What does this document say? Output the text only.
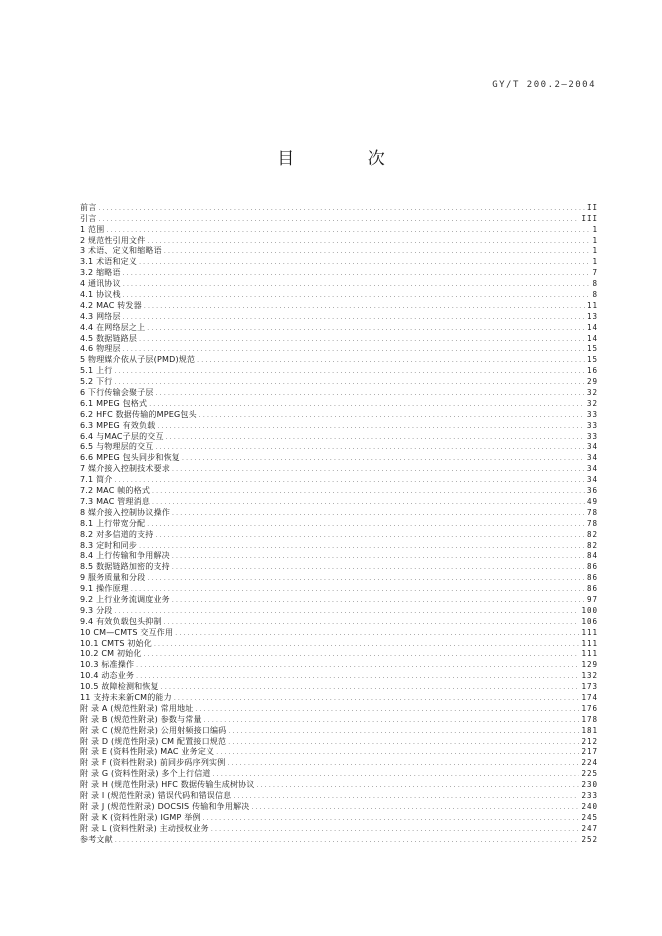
GY/T 200.2—2004
目 次
前言 .....	II
引言 .....	III
1 范围 .....	1
2 规范性引用文件 .....	1
3 术语、定义和缩略语 .....	1
3.1 术语和定义 .....	1
3.2 缩略语 .....	7
4 通讯协议 .....	8
4.1 协议栈 .....	8
4.2 MAC 转发器 .....	11
4.3 网络层 .....	13
4.4 在网络层之上 .....	14
4.5 数据链路层 .....	14
4.6 物理层 .....	15
5 物理媒介依从子层(PMD)规范 .....	15
5.1 上行 .....	16
5.2 下行 .....	29
6 下行传输会聚子层 .....	32
6.1 MPEG 包格式 .....	32
6.2 HFC 数据传输的MPEG包头 .....	33
6.3 MPEG 有效负载 .....	33
6.4 与MAC子层的交互 .....	33
6.5 与物理层的交互 .....	34
6.6 MPEG 包头同步和恢复 .....	34
7 媒介接入控制技术要求 .....	34
7.1 简介 .....	34
7.2 MAC 帧的格式 .....	36
7.3 MAC 管理消息 .....	49
8 媒介接入控制协议操作 .....	78
8.1 上行带宽分配 .....	78
8.2 对多信道的支持 .....	82
8.3 定时和同步 .....	82
8.4 上行传输和争用解决 .....	84
8.5 数据链路加密的支持 .....	86
9 服务质量和分段 .....	86
9.1 操作原理 .....	86
9.2 上行业务流调度业务 .....	97
9.3 分段 .....	100
9.4 有效负载包头抑制 .....	106
10 CM—CMTS 交互作用 .....	111
10.1 CMTS 初始化 .....	111
10.2 CM 初始化 .....	111
10.3 标准操作 .....	129
10.4 动态业务 .....	132
10.5 故障检测和恢复 .....	173
11 支持未来新CM的能力 .....	174
附 录 A (规范性附录) 常用地址 .....	176
附 录 B (规范性附录) 参数与常量 .....	178
附 录 C (规范性附录) 公用射频接口编码 .....	181
附 录 D (规范性附录) CM 配置接口规范 .....	212
附 录 E (资料性附录) MAC 业务定义 .....	217
附 录 F (资料性附录) 前同步码序列实例 .....	224
附 录 G (资料性附录) 多个上行信道 .....	225
附 录 H (规范性附录) HFC 数据传输生成树协议 .....	230
附 录 I (规范性附录) 错误代码和错误信息 .....	233
附 录 J (规范性附录) DOCSIS 传输和争用解决 .....	240
附 录 K (资料性附录) IGMP 举例 .....	245
附 录 L (资料性附录) 主动授权业务 .....	247
参考文献 .....	252
